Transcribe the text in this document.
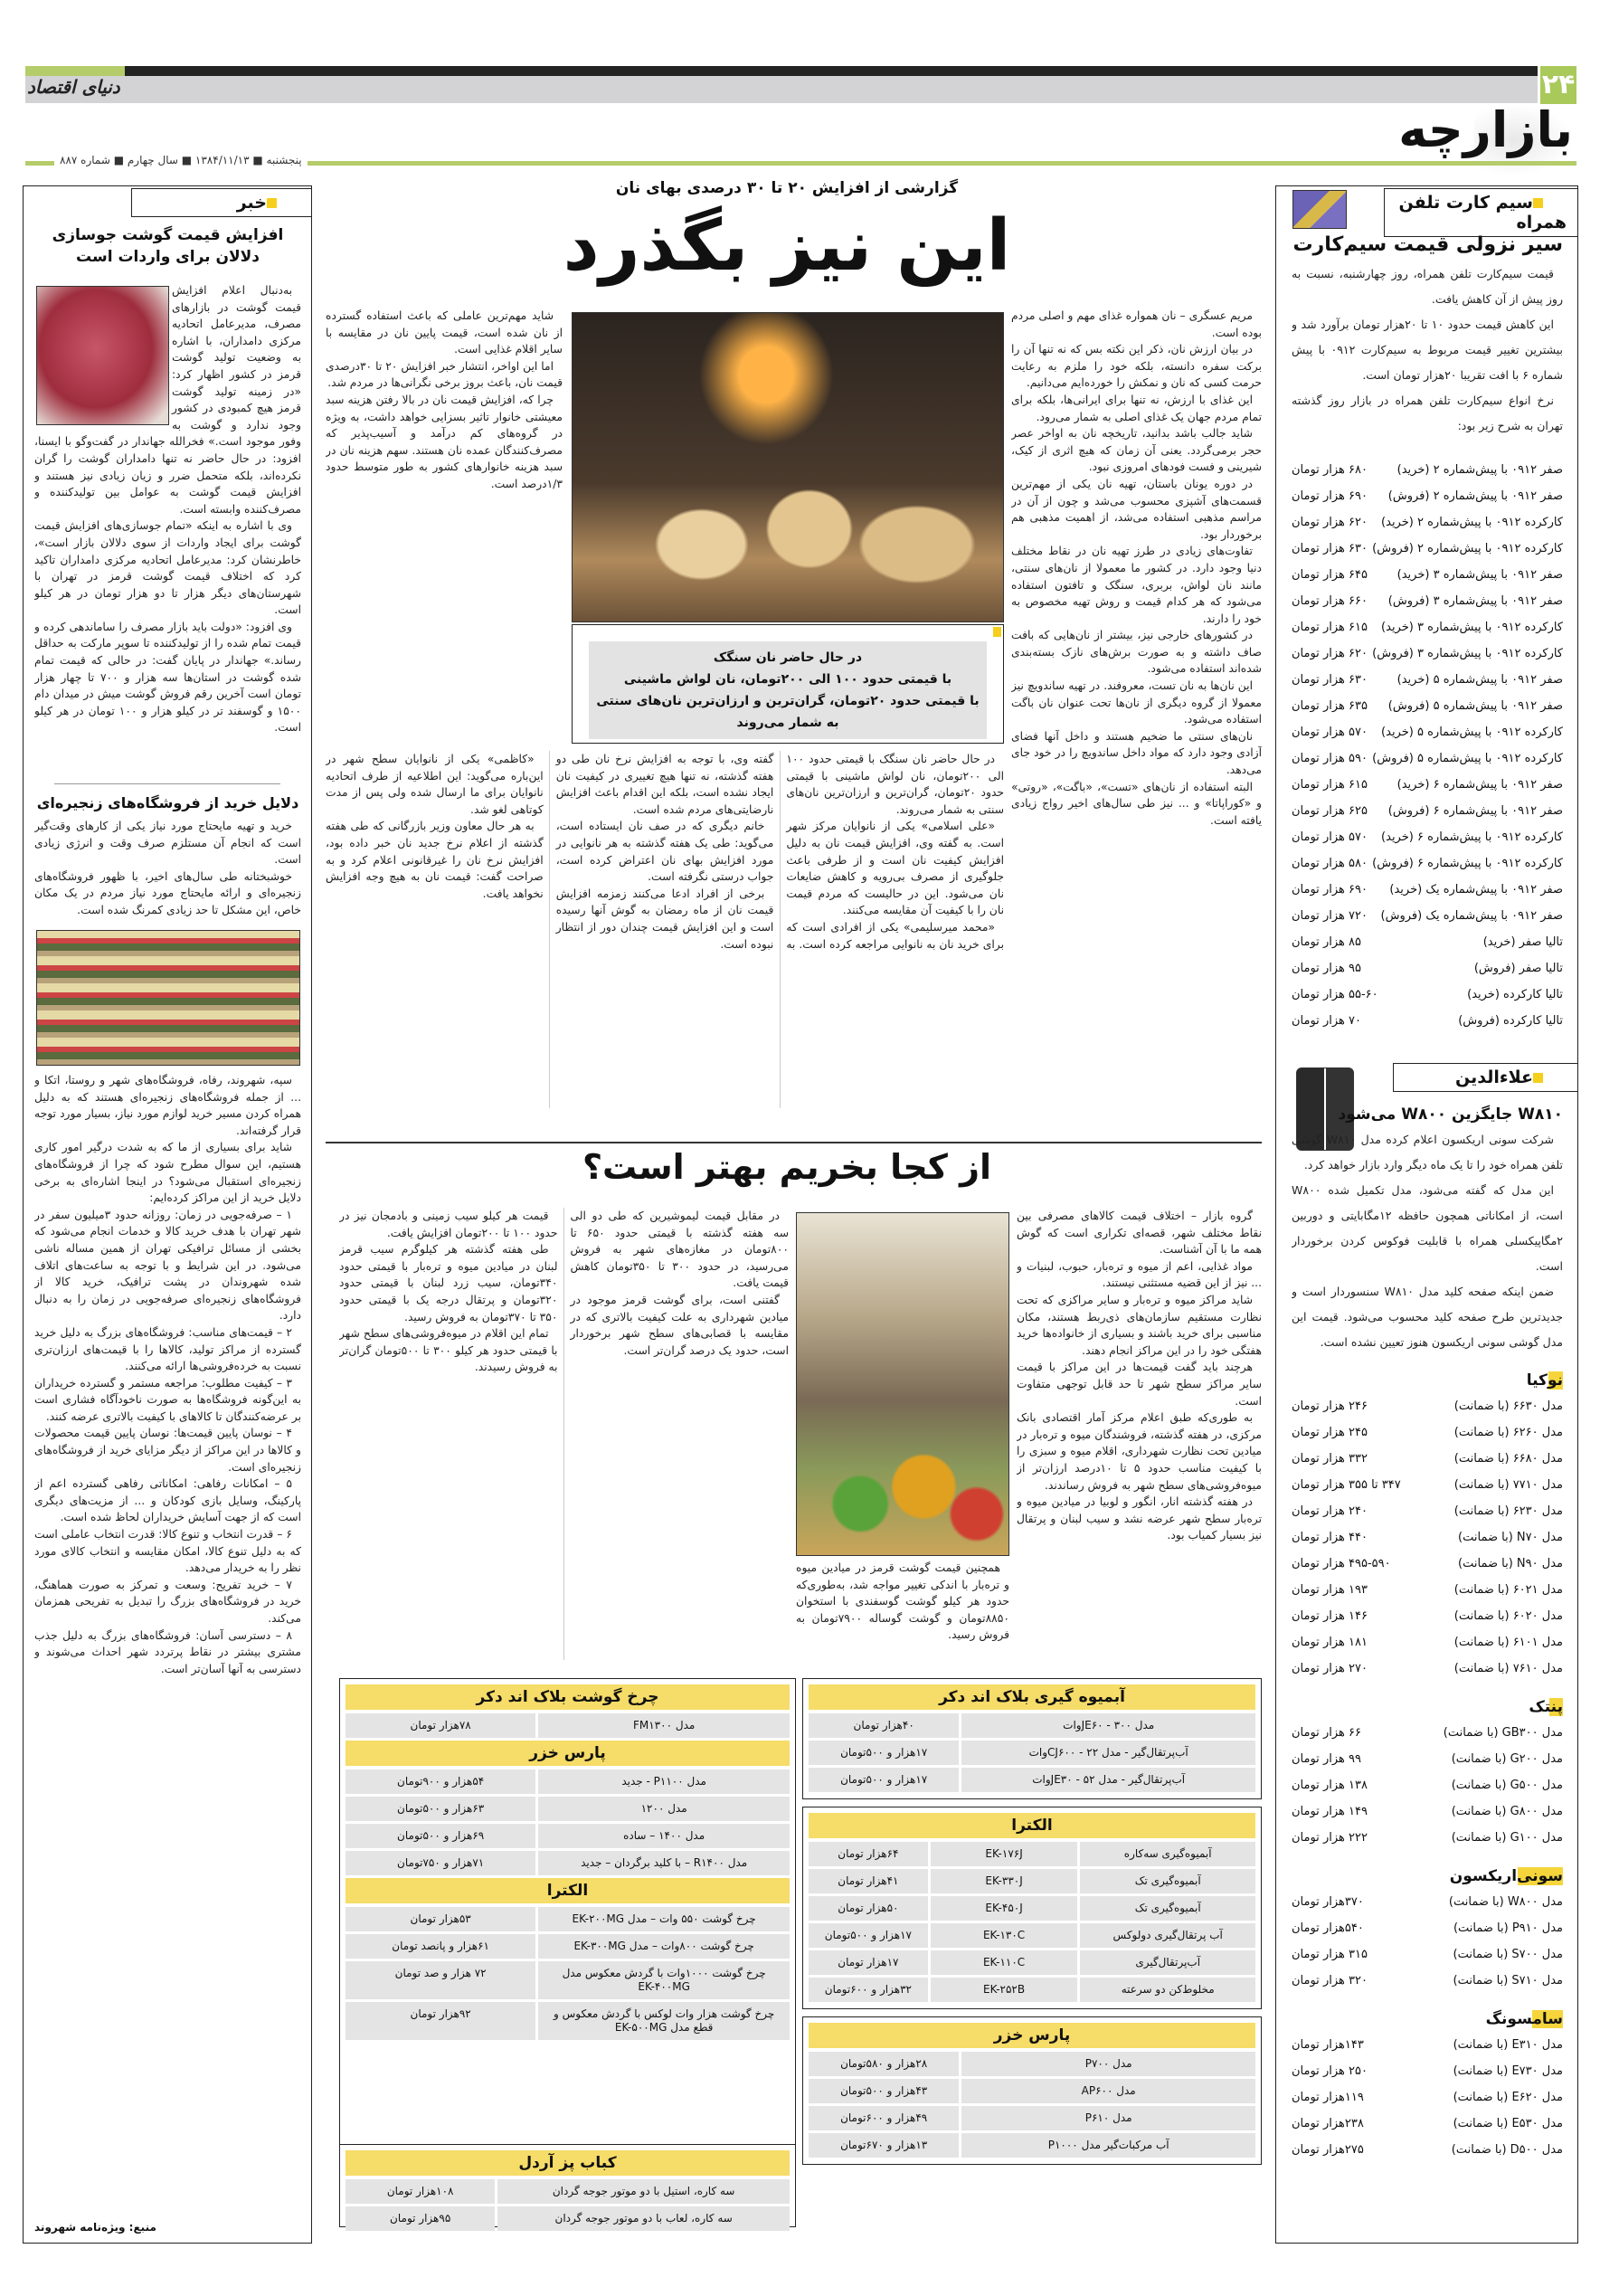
۲۴
دنیای اقتصاد
بازارچه
پنجشنبه ■ ۱۳۸۴/۱۱/۱۳ ■ سال چهارم ■ شماره ۸۸۷
سیم کارت تلفن همراه
سیر نزولی قیمت سیم‌کارت

قیمت سیم‌کارت تلفن همراه، روز چهارشنبه، نسبت به روز پیش از آن کاهش یافت.

این کاهش قیمت حدود ۱۰ تا ۲۰هزار تومان برآورد شد و بیشترین تغییر قیمت مربوط به سیم‌کارت ۰۹۱۲ با پیش شماره ۶ با افت تقریبا ۲۰هزار تومان است.

نرخ انواع سیم‌کارت تلفن همراه در بازار روز گذشته تهران به شرح زیر بود:

صفر ۰۹۱۲ با پیش‌شماره ۲ (خرید)
۶۸۰ هزار تومان
صفر ۰۹۱۲ با پیش‌شماره ۲ (فروش)
۶۹۰ هزار تومان
کارکرده ۰۹۱۲ با پیش‌شماره ۲ (خرید)
۶۲۰ هزار تومان
کارکرده ۰۹۱۲ با پیش‌شماره ۲ (فروش)
۶۳۰ هزار تومان
صفر ۰۹۱۲ با پیش‌شماره ۳ (خرید)
۶۴۵ هزار تومان
صفر ۰۹۱۲ با پیش‌شماره ۳ (فروش)
۶۶۰ هزار تومان
کارکرده ۰۹۱۲ با پیش‌شماره ۳ (خرید)
۶۱۵ هزار تومان
کارکرده ۰۹۱۲ با پیش‌شماره ۳ (فروش)
۶۲۰ هزار تومان
صفر ۰۹۱۲ با پیش‌شماره ۵ (خرید)
۶۳۰ هزار تومان
صفر ۰۹۱۲ با پیش‌شماره ۵ (فروش)
۶۳۵ هزار تومان
کارکرده ۰۹۱۲ با پیش‌شماره ۵ (خرید)
۵۷۰ هزار تومان
کارکرده ۰۹۱۲ با پیش‌شماره ۵ (فروش)
۵۹۰ هزار تومان
صفر ۰۹۱۲ با پیش‌شماره ۶ (خرید)
۶۱۵ هزار تومان
صفر ۰۹۱۲ با پیش‌شماره ۶ (فروش)
۶۲۵ هزار تومان
کارکرده ۰۹۱۲ با پیش‌شماره ۶ (خرید)
۵۷۰ هزار تومان
کارکرده ۰۹۱۲ با پیش‌شماره ۶ (فروش)
۵۸۰ هزار تومان
صفر ۰۹۱۲ با پیش‌شماره یک (خرید)
۶۹۰ هزار تومان
صفر ۰۹۱۲ با پیش‌شماره یک (فروش)
۷۲۰ هزار تومان
تالیا صفر (خرید)
۸۵ هزار تومان
تالیا صفر (فروش)
۹۵ هزار تومان
تالیا کارکرده (خرید)
۵۵-۶۰ هزار تومان
تالیا کارکرده (فروش)
۷۰ هزار تومان
علاءالدین
W۸۱۰ جایگزین W۸۰۰ می‌شود

شرکت سونی اریکسون اعلام کرده مدل W۸۱۰ گوشی تلفن همراه خود را تا یک ماه دیگر وارد بازار خواهد کرد.

این مدل که گفته می‌شود، مدل تکمیل شده W۸۰۰ است، از امکاناتی همچون حافظه ۱۲مگابایتی و دوربین ۲مگاپیکسلی همراه با قابلیت فوکوس کردن برخوردار است.

ضمن اینکه صفحه کلید مدل W۸۱۰ سنسوردار است و جدیدترین طرح صفحه کلید محسوب می‌شود. قیمت این مدل گوشی سونی اریکسون هنوز تعیین نشده است.

نوکیا
مدل ۶۶۳۰ (با ضمانت)
۲۴۶ هزار تومان
مدل ۶۲۶۰ (با ضمانت)
۲۴۵ هزار تومان
مدل ۶۶۸۰ (با ضمانت)
۳۳۲ هزار تومان
مدل ۷۷۱۰ (با ضمانت)
۳۴۷ تا ۳۵۵ هزار تومان
مدل ۶۲۳۰ (با ضمانت)
۲۴۰ هزار تومان
مدل N۷۰ (با ضمانت)
۴۴۰ هزار تومان
مدل N۹۰ (با ضمانت)
۴۹۵-۵۹۰ هزار تومان
مدل ۶۰۲۱ (با ضمانت)
۱۹۳ هزار تومان
مدل ۶۰۲۰ (با ضمانت)
۱۴۶ هزار تومان
مدل ۶۱۰۱ (با ضمانت)
۱۸۱ هزار تومان
مدل ۷۶۱۰ (با ضمانت)
۲۷۰ هزار تومان
پنتک
مدل GB۳۰۰ (با ضمانت)
۶۶ هزار تومان
مدل G۲۰۰ (با ضمانت)
۹۹ هزار تومان
مدل G۵۰۰ (با ضمانت)
۱۳۸ هزار تومان
مدل G۸۰۰ (با ضمانت)
۱۴۹ هزار تومان
مدل G۱۰۰ (با ضمانت)
۲۲۲ هزار تومان
سونی‌اریکسون
مدل W۸۰۰ (با ضمانت)
۳۷۰هزار تومان
مدل P۹۱۰ (با ضمانت)
۵۴۰هزار تومان
مدل S۷۰۰ (با ضمانت)
۳۱۵ هزار تومان
مدل S۷۱۰ (با ضمانت)
۳۲۰ هزار تومان
سامسونگ
مدل E۳۱۰ (با ضمانت)
۱۴۳هزار تومان
مدل E۷۳۰ (با ضمانت)
۲۵۰ هزار تومان
مدل E۶۲۰ (با ضمانت)
۱۱۹هزار تومان
مدل E۵۳۰ (با ضمانت)
۲۳۸هزار تومان
مدل D۵۰۰ (با ضمانت)
۲۷۵هزار تومان
خبر
افزایش قیمت گوشت جوسازی دلالان برای واردات است

به‌دنبال اعلام افزایش قیمت گوشت در بازارهای مصرف، مدیرعامل اتحادیه مرکزی دامداران، با اشاره به وضعیت تولید گوشت قرمز در کشور اظهار کرد: «در زمینه تولید گوشت قرمز هیچ کمبودی در کشور وجود ندارد و گوشت به وفور موجود است.» فخرالله جهاندار در گفت‌وگو با ایسنا، افزود: در حال حاضر نه تنها دامداران گوشت را گران نکرده‌اند، بلکه متحمل ضرر و زیان زیادی نیز هستند و افزایش قیمت گوشت به عوامل بین تولیدکننده و مصرف‌کننده وابسته است.

وی با اشاره به اینکه «تمام جوسازی‌های افزایش قیمت گوشت برای ایجاد واردات از سوی دلالان بازار است»، خاطرنشان کرد: مدیرعامل اتحادیه مرکزی دامداران تاکید کرد که اختلاف قیمت گوشت قرمز در تهران با شهرستان‌های دیگر هزار تا دو هزار تومان در هر کیلو است.

وی افزود: «دولت باید بازار مصرف را ساماندهی کرده و قیمت تمام شده را از تولیدکننده تا سوپر مارکت به حداقل رساند.» جهاندار در پایان گفت: در حالی که قیمت تمام شده گوشت در استان‌ها سه هزار و ۷۰۰ تا چهار هزار تومان است آخرین رقم فروش گوشت میش در میدان دام ۱۵۰۰ و گوسفند تر در کیلو هزار و ۱۰۰ تومان در هر کیلو است.

دلایل خرید از فروشگاه‌های زنجیره‌ای

خرید و تهیه مایحتاج مورد نیاز یکی از کارهای وقت‌گیر است که انجام آن مستلزم صرف وقت و انرژی زیادی است.

خوشبختانه طی سال‌های اخیر، با ظهور فروشگاه‌های زنجیره‌ای و ارائه مایحتاج مورد نیاز مردم در یک مکان خاص، این مشکل تا حد زیادی کمرنگ شده است.

سپه، شهروند، رفاه، فروشگاه‌های شهر و روستا، اتکا و ... از جمله فروشگاه‌های زنجیره‌ای هستند که به دلیل همراه کردن مسیر خرید لوازم مورد نیاز، بسیار مورد توجه قرار گرفته‌اند.

شاید برای بسیاری از ما که به شدت درگیر امور کاری هستیم، این سوال مطرح شود که چرا از فروشگاه‌های زنجیره‌ای استقبال می‌شود؟ در اینجا اشاره‌ای به برخی دلایل خرید از این مراکز کرده‌ایم:

۱ – صرفه‌جویی در زمان: روزانه حدود ۳میلیون سفر در شهر تهران با هدف خرید کالا و خدمات انجام می‌شود که بخشی از مسائل ترافیکی تهران از همین مساله ناشی می‌شود. در این شرایط و با توجه به ساعت‌های اتلاف شده شهروندان در پشت ترافیک، خرید کالا از فروشگاه‌های زنجیره‌ای صرفه‌جویی در زمان را به دنبال دارد.

۲ – قیمت‌های مناسب: فروشگاه‌های بزرگ به دلیل خرید گسترده از مراکز تولید، کالاها را با قیمت‌های ارزان‌تری نسبت به خرده‌فروشی‌ها ارائه می‌کنند.

۳ – کیفیت مطلوب: مراجعه مستمر و گسترده خریداران به این‌گونه فروشگاه‌ها به صورت ناخودآگاه فشاری است بر عرضه‌کنندگان تا کالاهای با کیفیت بالاتری عرضه کنند.

۴ – نوسان پایین قیمت‌ها: نوسان پایین قیمت محصولات و کالاها در این مراکز از دیگر مزایای خرید از فروشگاه‌های زنجیره‌ای است.

۵ – امکانات رفاهی: امکاناتی رفاهی گسترده اعم از پارکینگ، وسایل بازی کودکان و ... از مزیت‌های دیگری است که از جهت آسایش خریداران لحاظ شده است.

۶ – قدرت انتخاب و تنوع کالا: قدرت انتخاب عاملی است که به دلیل تنوع کالا، امکان مقایسه و انتخاب کالای مورد نظر را به خریدار می‌دهد.

۷ – خرید تفریح: وسعت و تمرکز به صورت هماهنگ، خرید در فروشگاه‌های بزرگ را تبدیل به تفریحی همزمان می‌کند.

۸ – دسترسی آسان: فروشگاه‌های بزرگ به دلیل جذب مشتری بیشتر در نقاط پرتردد شهر احداث می‌شوند و دسترسی به آنها آسان‌تر است.

منبع: ویژه‌نامه شهروند
گزارشی از افزایش ۲۰ تا ۳۰ درصدی بهای نان
این نیز بگذرد
در حال حاضر نان سنگک
با قیمتی حدود ۱۰۰ الی ۲۰۰تومان، نان لواش ماشینی
با قیمتی حدود ۲۰تومان، گران‌ترین و ارزان‌ترین نان‌های سنتی
به شمار می‌روند

مریم عسگری – نان همواره غذای مهم و اصلی مردم بوده است.

در بیان ارزش نان، ذکر این نکته بس که نه تنها آن را برکت سفره دانسته، بلکه خود را ملزم به رعایت حرمت کسی که نان و نمکش را خورده‌ایم می‌دانیم.

این غذای با ارزش، نه تنها برای ایرانی‌ها، بلکه برای تمام مردم جهان یک غذای اصلی به شمار می‌رود.

شاید جالب باشد بدانید، تاریخچه نان به اواخر عصر حجر برمی‌گردد. یعنی آن زمان که هیچ اثری از کیک، شیرینی و فست فودهای امروزی نبود.

در دوره یونان باستان، تهیه نان یکی از مهم‌ترین قسمت‌های آشپزی محسوب می‌شد و چون از آن در مراسم مذهبی استفاده می‌شد، از اهمیت مذهبی هم برخوردار بود.

تفاوت‌های زیادی در طرز تهیه نان در نقاط مختلف دنیا وجود دارد. در کشور ما معمولا از نان‌های سنتی، مانند نان لواش، بربری، سنگک و تافتون استفاده می‌شود که هر کدام قیمت و روش تهیه مخصوص به خود را دارند.

در کشورهای خارجی نیز، بیشتر از نان‌هایی که بافت صاف داشته و به صورت برش‌های نازک بسته‌بندی شده‌اند استفاده می‌شود.

این نان‌ها به نان تست، معروفند. در تهیه ساندویچ نیز معمولا از گروه دیگری از نان‌ها تحت عنوان نان باگت استفاده می‌شود.

نان‌های سنتی ما ضخیم هستند و داخل آنها فضای آزادی وجود دارد که مواد داخل ساندویچ را در خود جای می‌دهد.

البته استفاده از نان‌های «تست»، «باگت»، «روتی» و «کوراپاتا» و ... نیز طی سال‌های اخیر رواج زیادی یافته است.

شاید مهم‌ترین عاملی که باعث استفاده گسترده از نان شده است، قیمت پایین نان در مقایسه با سایر اقلام غذایی است.

اما این اواخر، انتشار خبر افزایش ۲۰ تا ۳۰درصدی قیمت نان، باعث بروز برخی نگرانی‌ها در مردم شد.

چرا که، افزایش قیمت نان در بالا رفتن هزینه سبد معیشتی خانوار تاثیر بسزایی خواهد داشت، به ویژه در گروه‌های کم درآمد و آسیب‌پذیر که مصرف‌کنندگان عمده نان هستند. سهم هزینه نان در سبد هزینه خانوارهای کشور به طور متوسط حدود ۱/۳درصد است.

در حال حاضر نان سنگک با قیمتی حدود ۱۰۰ الی ۲۰۰تومان، نان لواش ماشینی با قیمتی حدود ۲۰تومان، گران‌ترین و ارزان‌ترین نان‌های سنتی به شمار می‌روند.

«علی اسلامی» یکی از نانوایان مرکز شهر است. به گفته وی، افزایش قیمت نان به دلیل افزایش کیفیت نان است و از طرفی باعث جلوگیری از مصرف بی‌رویه و کاهش ضایعات نان می‌شود. این در حالیست که مردم قیمت نان را با کیفیت آن مقایسه می‌کنند.

«محمد میرسلیمی» یکی از افرادی است که برای خرید نان به نانوایی مراجعه کرده است. به گفته وی، با توجه به افزایش نرخ نان طی دو هفته گذشته، نه تنها هیچ تغییری در کیفیت نان ایجاد نشده است، بلکه این اقدام باعث افزایش نارضایتی‌های مردم شده است.

خانم دیگری که در صف نان ایستاده است، می‌گوید: طی یک هفته گذشته به هر نانوایی در مورد افزایش بهای نان اعتراض کرده است، جواب درستی نگرفته است.

برخی از افراد ادعا می‌کنند زمزمه افزایش قیمت نان از ماه رمضان به گوش آنها رسیده است و این افزایش قیمت چندان دور از انتظار نبوده است.

«کاظمی» یکی از نانوایان سطح شهر در این‌باره می‌گوید: این اطلاعیه از طرف اتحادیه نانوایان برای ما ارسال شده ولی پس از مدت کوتاهی لغو شد.

به هر حال معاون وزیر بازرگانی که طی هفته گذشته از اعلام نرخ جدید نان خبر داده بود، افزایش نرخ نان را غیرقانونی اعلام کرد و به صراحت گفت: قیمت نان به هیچ وجه افزایش نخواهد یافت.

از کجا بخریم بهتر است؟

گروه بازار – اختلاف قیمت کالاهای مصرفی بین نقاط مختلف شهر، قصه‌ای تکراری است که گوش همه ما با آن آشناست.

مواد غذایی، اعم از میوه و تره‌بار، حبوب، لبنیات و ... نیز از این قضیه مستثنی نیستند.

شاید مراکز میوه و تره‌بار و سایر مراکزی که تحت نظارت مستقیم سازمان‌های ذی‌ربط هستند، مکان مناسبی برای خرید باشند و بسیاری از خانواده‌ها خرید هفتگی خود را در این مراکز انجام دهند.

هرچند باید گفت قیمت‌ها در این مراکز با قیمت سایر مراکز سطح شهر تا حد قابل توجهی متفاوت است.

به طوری‌که طبق اعلام مرکز آمار اقتصادی بانک مرکزی، در هفته گذشته، فروشندگان میوه و تره‌بار در میادین تحت نظارت شهرداری، اقلام میوه و سبزی را با کیفیت مناسب حدود ۵ تا ۱۰درصد ارزان‌تر از میوه‌فروشی‌های سطح شهر به فروش رساندند.

در هفته گذشته انار، انگور و لوبیا در میادین میوه و تره‌بار سطح شهر عرضه نشد و سیب لبنان و پرتقال نیز بسیار کمیاب بود.

در مقابل قیمت لیموشیرین که طی دو الی سه هفته گذشته با قیمتی حدود ۶۵۰ تا ۸۰۰تومان در مغازه‌های شهر به فروش می‌رسید، در حدود ۳۰۰ تا ۳۵۰تومان کاهش قیمت یافت.

گفتنی است، برای گوشت قرمز موجود در میادین شهرداری به علت کیفیت بالاتری که در مقایسه با قصابی‌های سطح شهر برخوردار است، حدود یک درصد گران‌تر است.

قیمت هر کیلو سیب زمینی و بادمجان نیز در حدود ۱۰۰ تا ۲۰۰تومان افزایش یافت.

طی هفته گذشته هر کیلوگرم سیب قرمز لبنان در میادین میوه و تره‌بار با قیمتی حدود ۳۴۰تومان، سیب زرد لبنان با قیمتی حدود ۳۲۰تومان و پرتقال درجه یک با قیمتی حدود ۳۵۰ تا ۳۷۰تومان به فروش رسید.

تمام این اقلام در میوه‌فروشی‌های سطح شهر با قیمتی حدود هر کیلو ۳۰۰ تا ۵۰۰تومان گران‌تر به فروش رسیدند.

همچنین قیمت گوشت قرمز در میادین میوه و تره‌بار با اندکی تغییر مواجه شد، به‌طوری‌که حدود هر کیلو گوشت گوسفندی با استخوان ۸۸۵۰تومان و گوشت گوساله ۷۹۰۰تومان به فروش رسید.

چرخ گوشت بلاک اند دکر
مدل FM۱۳۰۰
۷۸هزار تومان
پارس خزر
مدل P۱۱۰۰ - جدید
۵۴هزار و ۹۰۰تومان
مدل ۱۲۰۰
۶۳هزار و ۵۰۰تومان
مدل ۱۴۰۰ – ساده
۶۹هزار و ۵۰۰تومان
مدل R۱۴۰۰ – با کلید برگردان – جدید
۷۱هزار و ۷۵۰تومان
الکترا
چرخ گوشت ۵۵۰ وات – مدل EK-۲۰۰MG
۵۳هزار تومان
چرخ گوشت ۸۰۰وات – مدل EK-۳۰۰MG
۶۱هزار و پانصد تومان
چرخ گوشت ۱۰۰۰وات با گردش معکوس مدل EK-۴۰۰MG
۷۲ هزار و صد تومان
چرخ گوشت هزار وات لوکس با گردش معکوس و قطع مدل EK-۵۰۰MG
۹۲هزار تومان
کباب پز آردل
سه کاره، استیل با دو موتور جوجه گردان
۱۰۸هزار تومان
سه کاره، لعاب با دو موتور جوجه گردان
۹۵هزار تومان
آبمیوه گیری بلاک اند دکر
مدل JE۶۰ - ۳۰۰وات
۴۰هزار تومان
آب‌پرتقال‌گیر - مدل CJ۶۰۰ - ۲۲وات
۱۷هزار و ۵۰۰تومان
آب‌پرتقال‌گیر - مدل JE۳۰ - ۵۲وات
۱۷هزار و ۵۰۰تومان
الکترا
آبمیوه‌گیری سه‌کاره
EK-۱۷۶J
۶۴هزار تومان
آبمیوه‌گیری تک
EK-۳۳۰J
۴۱هزار تومان
آبمیوه‌گیری تک
EK-۴۵۰J
۵۰هزار تومان
آب پرتقال‌گیری دولوکس
EK-۱۳۰C
۱۷هزار و ۵۰۰تومان
آب‌پرتقال‌گیری
EK-۱۱۰C
۱۷هزار تومان
مخلوط‌کن دو سرعته
EK-۲۵۲B
۳۲هزار و ۶۰۰تومان
پارس خزر
مدل P۷۰۰
۲۸هزار و ۵۸۰تومان
مدل AP۶۰۰
۴۳هزار و ۵۰۰تومان
مدل P۶۱۰
۴۹هزار و ۶۰۰تومان
آب مرکبات‌گیر مدل P۱۰۰۰
۱۳هزار و ۶۷۰تومان
